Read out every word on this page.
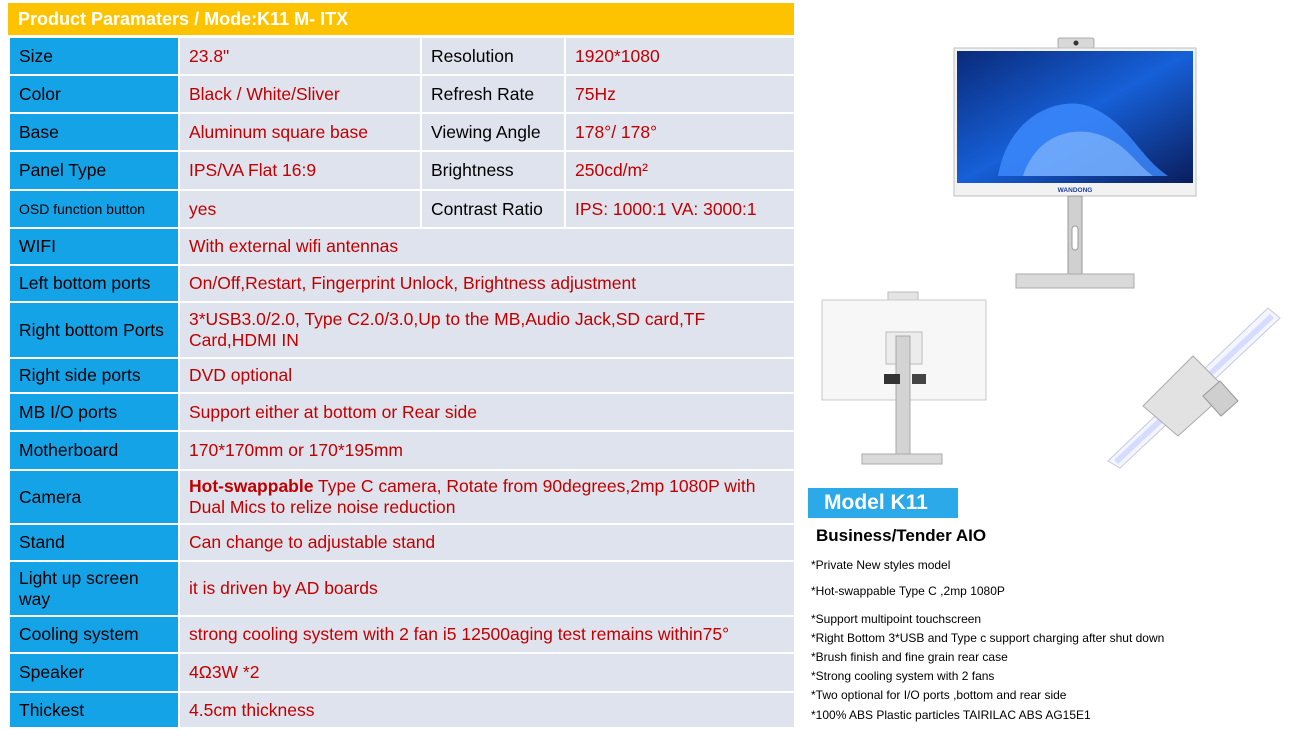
Product Paramaters / Mode:K11 M- ITX
Size	23.8"	Resolution	1920*1080
Color	Black / White/Sliver	Refresh Rate	75Hz
Base	Aluminum square base	Viewing Angle	178°/ 178°
Panel Type	IPS/VA Flat 16:9	Brightness	250cd/m²
OSD function button	yes	Contrast Ratio	IPS: 1000:1 VA: 3000:1
WIFI	With external wifi antennas		
Left bottom ports	On/Off,Restart, Fingerprint Unlock, Brightness adjustment		
Right bottom Ports	3*USB3.0/2.0, Type C2.0/3.0,Up to the MB,Audio Jack,SD card,TF Card,HDMI IN		
Right side ports	DVD optional		
MB I/O ports	Support either at bottom or Rear side		
Motherboard	170*170mm or 170*195mm		
Camera	Hot-swappable Type C camera, Rotate from 90degrees,2mp 1080P with Dual Mics to relize noise reduction		
Stand	Can change to adjustable stand		
Light up screen way	it is driven by AD boards		
Cooling system	strong cooling system with 2 fan i5 12500aging test remains within75°		
Speaker	4Ω3W *2		
Thickest	4.5cm thickness		
WANDONG
Model K11
Business/Tender AIO
*Private New styles model
*Hot-swappable Type C ,2mp 1080P
*Support multipoint touchscreen
*Right Bottom 3*USB and Type c support charging after shut down
*Brush finish and fine grain rear case
*Strong cooling system with 2 fans
*Two optional for I/O ports ,bottom and rear side
*100% ABS Plastic particles TAIRILAC ABS AG15E1
